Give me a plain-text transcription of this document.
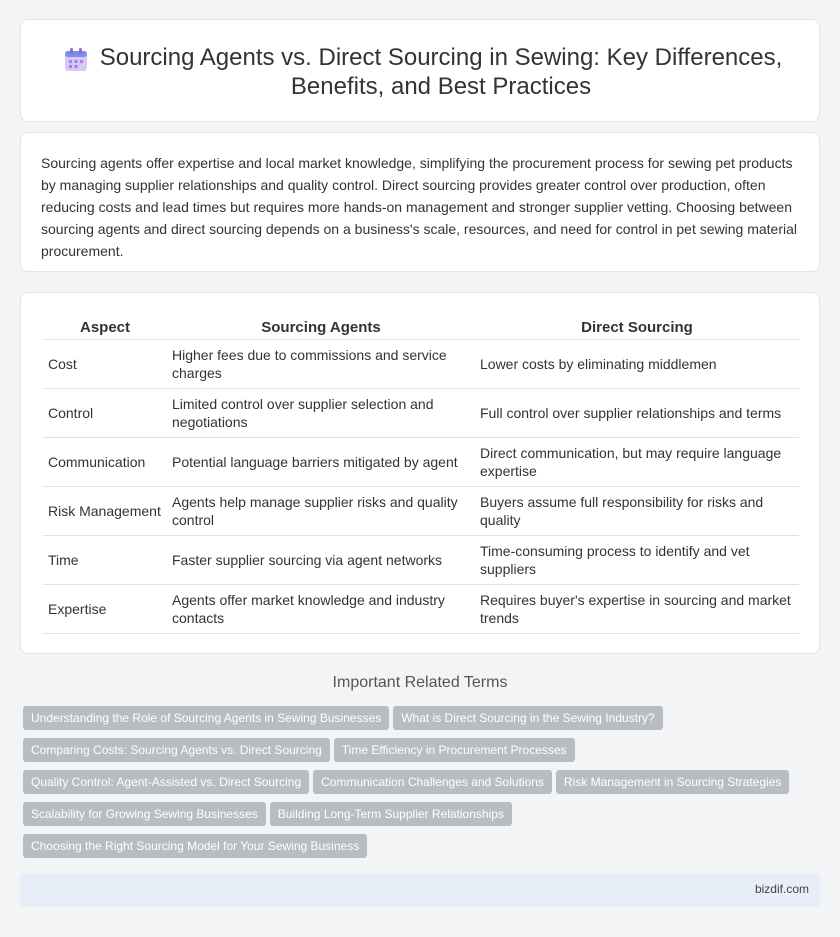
Sourcing Agents vs. Direct Sourcing in Sewing: Key Differences, Benefits, and Best Practices

Sourcing agents offer expertise and local market knowledge, simplifying the procurement process for sewing pet products by managing supplier relationships and quality control. Direct sourcing provides greater control over production, often reducing costs and lead times but requires more hands-on management and stronger supplier vetting. Choosing between sourcing agents and direct sourcing depends on a business's scale, resources, and need for control in pet sewing material procurement.

Aspect	Sourcing Agents	Direct Sourcing
Cost	Higher fees due to commissions and service charges	Lower costs by eliminating middlemen
Control	Limited control over supplier selection and negotiations	Full control over supplier relationships and terms
Communication	Potential language barriers mitigated by agent	Direct communication, but may require language expertise
Risk Management	Agents help manage supplier risks and quality control	Buyers assume full responsibility for risks and quality
Time	Faster supplier sourcing via agent networks	Time-consuming process to identify and vet suppliers
Expertise	Agents offer market knowledge and industry contacts	Requires buyer's expertise in sourcing and market trends
Important Related Terms
Understanding the Role of Sourcing Agents in Sewing Businesses What is Direct Sourcing in the Sewing Industry?
Comparing Costs: Sourcing Agents vs. Direct Sourcing Time Efficiency in Procurement Processes
Quality Control: Agent-Assisted vs. Direct Sourcing Communication Challenges and Solutions Risk Management in Sourcing Strategies
Scalability for Growing Sewing Businesses Building Long-Term Supplier Relationships
Choosing the Right Sourcing Model for Your Sewing Business
bizdif.com
